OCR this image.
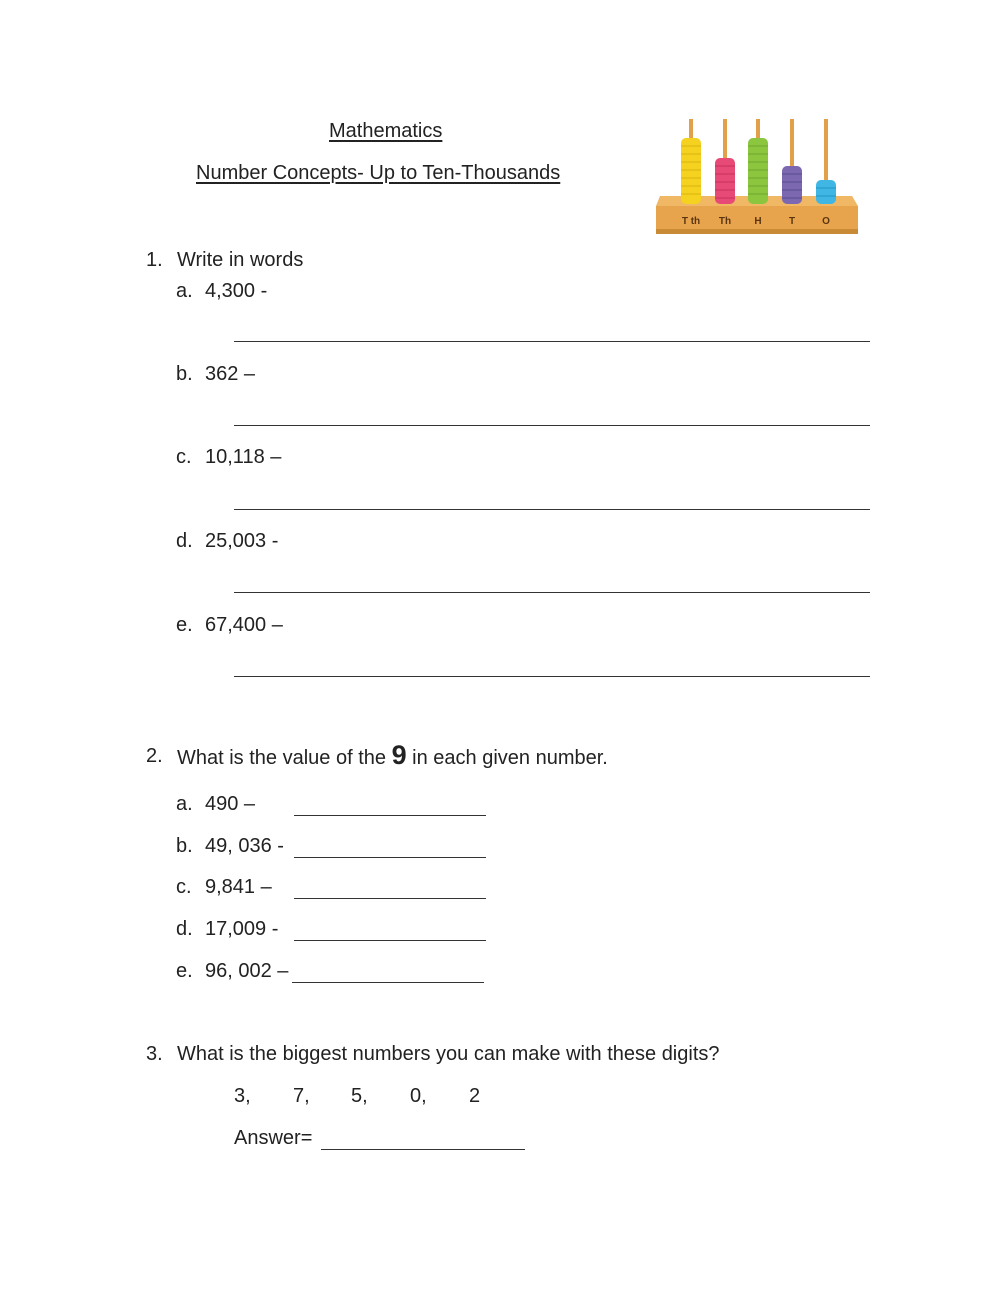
Mathematics
Number Concepts- Up to Ten-Thousands
T th Th H	T	O
1. Write in words
a. 4,300 -
b. 362 –
c. 10,118 –
d. 25,003 -
e. 67,400 –
2. What is the value of the 9 in each given number.
a. 490 –
b. 49, 036 -
c. 9,841 –
d. 17,009 -
e. 96, 002 –
3. What is the biggest numbers you can make with these digits?
3, 7, 5, 0, 2
Answer=
